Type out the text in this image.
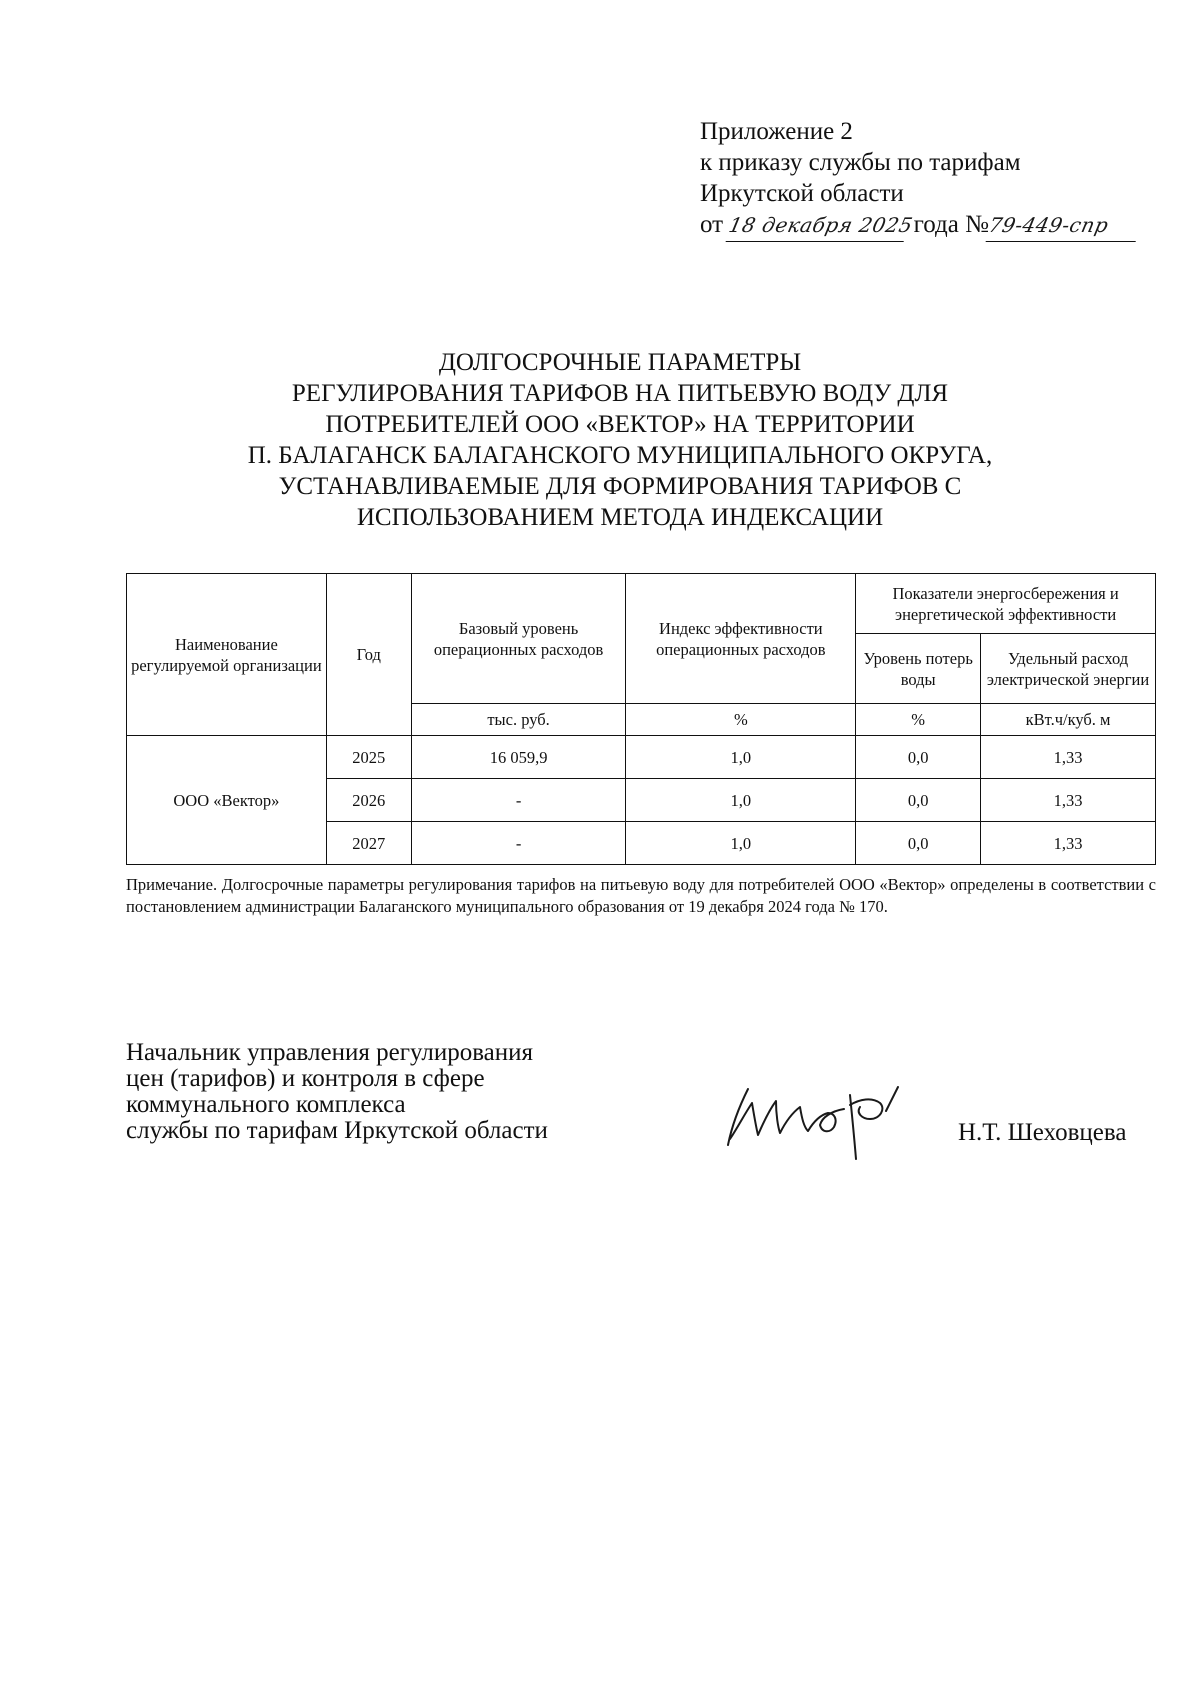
Приложение 2
к приказу службы по тарифам
Иркутской области
от 18 декабря 2025 года №79-449-спр
ДОЛГОСРОЧНЫЕ ПАРАМЕТРЫ
РЕГУЛИРОВАНИЯ ТАРИФОВ НА ПИТЬЕВУЮ ВОДУ ДЛЯ
ПОТРЕБИТЕЛЕЙ ООО «ВЕКТОР» НА ТЕРРИТОРИИ
П. БАЛАГАНСК БАЛАГАНСКОГО МУНИЦИПАЛЬНОГО ОКРУГА,
УСТАНАВЛИВАЕМЫЕ ДЛЯ ФОРМИРОВАНИЯ ТАРИФОВ С
ИСПОЛЬЗОВАНИЕМ МЕТОДА ИНДЕКСАЦИИ
Наименование регулируемой организации	Год	Базовый уровень операционных расходов	Индекс эффективности операционных расходов	Показатели энергосбережения и энергетической эффективности	
				Уровень потерь воды	Удельный расход электрической энергии
		тыс. руб.	%	%	кВт.ч/куб. м
ООО «Вектор»	2025	16 059,9	1,0	0,0	1,33
	2026	-	1,0	0,0	1,33
	2027	-	1,0	0,0	1,33
Примечание. Долгосрочные параметры регулирования тарифов на питьевую воду для потребителей ООО «Вектор» определены в соответствии с постановлением администрации Балаганского муниципального образования от 19 декабря 2024 года № 170.
Начальник управления регулирования
цен (тарифов) и контроля в сфере
коммунального комплекса
службы по тарифам Иркутской области	Н.Т. Шеховцева
